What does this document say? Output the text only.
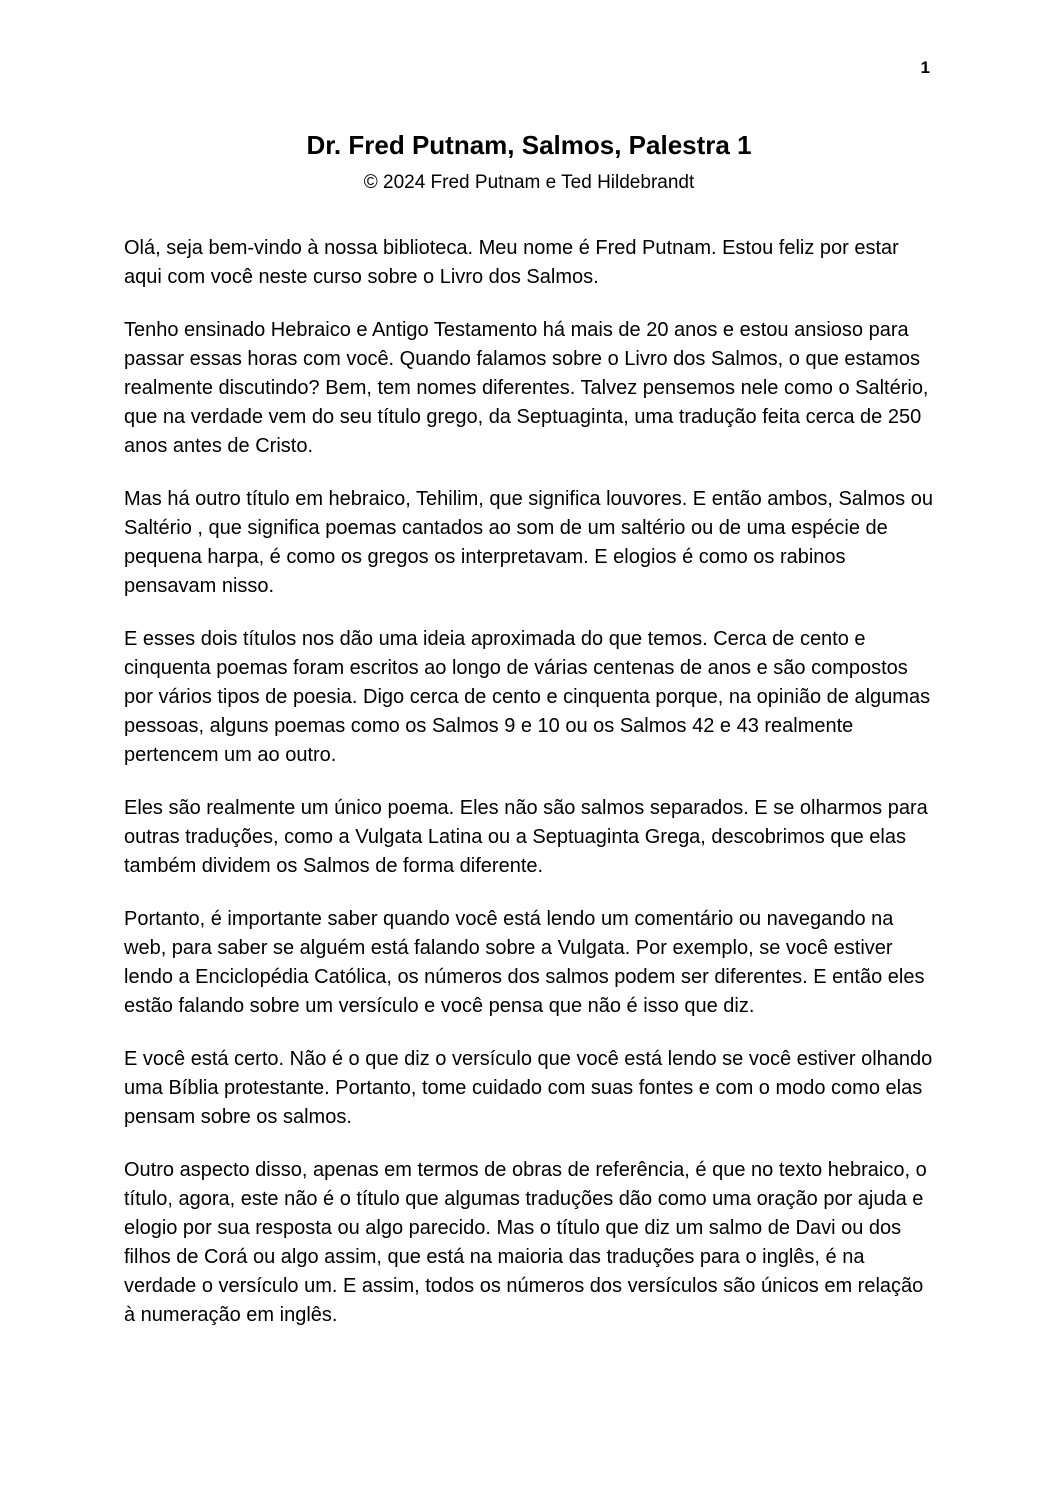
1
Dr. Fred Putnam, Salmos, Palestra 1
© 2024 Fred Putnam e Ted Hildebrandt

Olá, seja bem-vindo à nossa biblioteca. Meu nome é Fred Putnam. Estou feliz por estar aqui com você neste curso sobre o Livro dos Salmos.

Tenho ensinado Hebraico e Antigo Testamento há mais de 20 anos e estou ansioso para passar essas horas com você. Quando falamos sobre o Livro dos Salmos, o que estamos realmente discutindo? Bem, tem nomes diferentes. Talvez pensemos nele como o Saltério, que na verdade vem do seu título grego, da Septuaginta, uma tradução feita cerca de 250 anos antes de Cristo.

Mas há outro título em hebraico, Tehilim, que significa louvores. E então ambos, Salmos ou Saltério , que significa poemas cantados ao som de um saltério ou de uma espécie de pequena harpa, é como os gregos os interpretavam. E elogios é como os rabinos pensavam nisso.

E esses dois títulos nos dão uma ideia aproximada do que temos. Cerca de cento e cinquenta poemas foram escritos ao longo de várias centenas de anos e são compostos por vários tipos de poesia. Digo cerca de cento e cinquenta porque, na opinião de algumas pessoas, alguns poemas como os Salmos 9 e 10 ou os Salmos 42 e 43 realmente pertencem um ao outro.

Eles são realmente um único poema. Eles não são salmos separados. E se olharmos para outras traduções, como a Vulgata Latina ou a Septuaginta Grega, descobrimos que elas também dividem os Salmos de forma diferente.

Portanto, é importante saber quando você está lendo um comentário ou navegando na web, para saber se alguém está falando sobre a Vulgata. Por exemplo, se você estiver lendo a Enciclopédia Católica, os números dos salmos podem ser diferentes. E então eles estão falando sobre um versículo e você pensa que não é isso que diz.

E você está certo. Não é o que diz o versículo que você está lendo se você estiver olhando uma Bíblia protestante. Portanto, tome cuidado com suas fontes e com o modo como elas pensam sobre os salmos.

Outro aspecto disso, apenas em termos de obras de referência, é que no texto hebraico, o título, agora, este não é o título que algumas traduções dão como uma oração por ajuda e elogio por sua resposta ou algo parecido. Mas o título que diz um salmo de Davi ou dos filhos de Corá ou algo assim, que está na maioria das traduções para o inglês, é na verdade o versículo um. E assim, todos os números dos versículos são únicos em relação à numeração em inglês.
